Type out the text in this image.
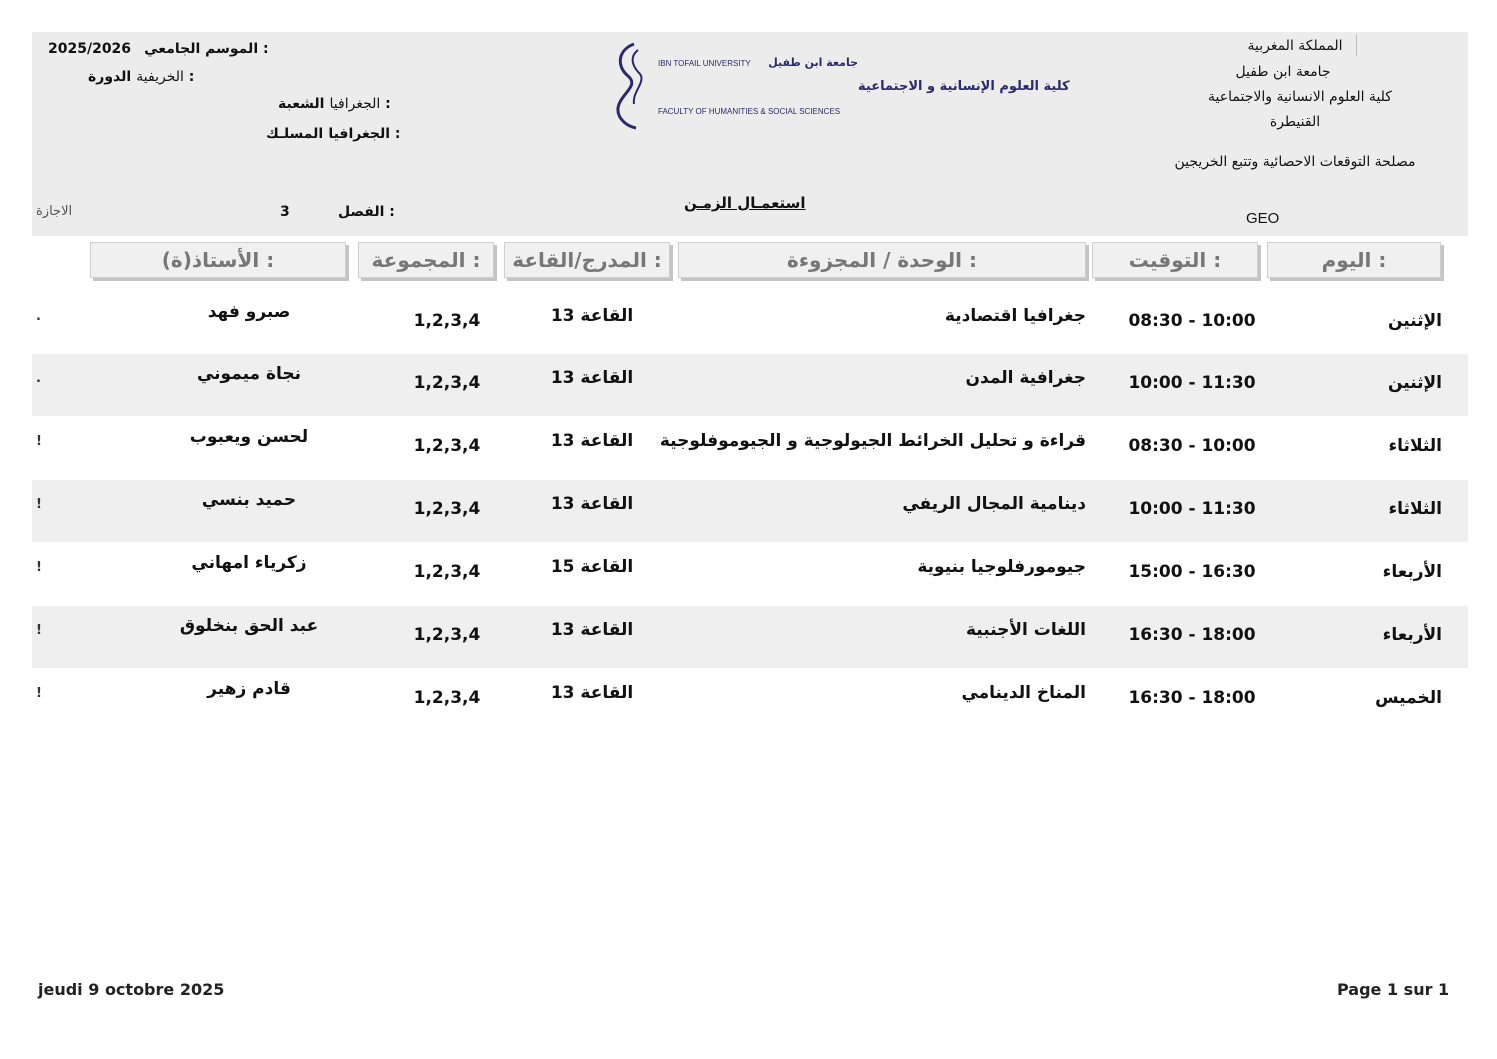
2025/2026 الموسم الجامعي :
الخريفية الدورة :
الجغرافيا الشعبة :
الجغرافيا المسلـك :
IBN TOFAIL UNIVERSITY جامعة ابن طفيل
كلية العلوم الإنسانية و الاجتماعية
FACULTY OF HUMANITIES & SOCIAL SCIENCES
المملكة المغربية
جامعة ابن طفيل
كلية العلوم الانسانية والاجتماعية
القنيطرة
مصلحة التوقعات الاحصائية وتتبع الخريجين
استعمـال الزمـن
الفصل :
3
الاجازة	GEO
اليوم :
التوقيت :
الوحدة / المجزوءة :
المدرج/القاعة :
المجموعة :
الأستاذ(ة) :
الإثنين
08:30 - 10:00
جغرافيا اقتصادية
القاعة 13
1,2,3,4
صبرو فهد
.
الإثنين
10:00 - 11:30
جغرافية المدن
القاعة 13
1,2,3,4
نجاة ميموني
.
الثلاثاء
08:30 - 10:00
قراءة و تحليل الخرائط الجيولوجية و الجيوموفلوجية
القاعة 13
1,2,3,4
لحسن ويعبوب
!
الثلاثاء
10:00 - 11:30
دينامية المجال الريفي
القاعة 13
1,2,3,4
حميد بنسي
!
الأربعاء
15:00 - 16:30
جيومورفلوجيا بنيوية
القاعة 15
1,2,3,4
زكرياء امهاني
!
الأربعاء
16:30 - 18:00
اللغات الأجنبية
القاعة 13
1,2,3,4
عبد الحق بنخلوق
!
الخميس
16:30 - 18:00
المناخ الدينامي
القاعة 13
1,2,3,4
قادم زهير
!
jeudi 9 octobre 2025	Page 1 sur 1
